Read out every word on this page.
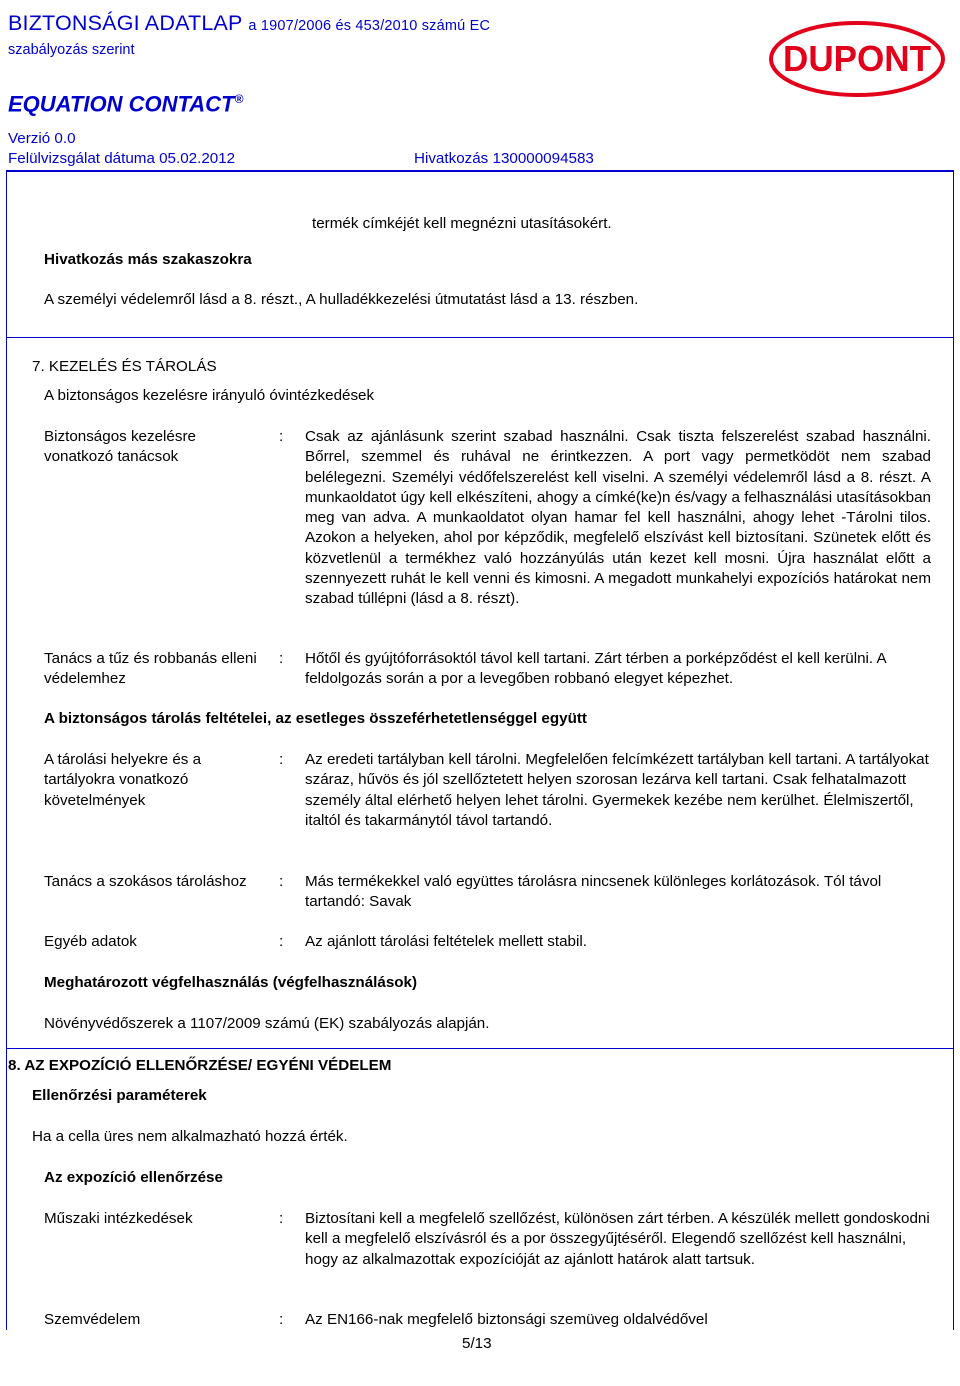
BIZTONSÁGI ADATLAP a 1907/2006 és 453/2010 számú EC
szabályozás szerint
EQUATION CONTACT®
Verzió 0.0
Felülvizsgálat dátuma 05.02.2012	Hivatkozás 130000094583
DUPONT
termék címkéjét kell megnézni utasításokért.
Hivatkozás más szakaszokra
A személyi védelemről lásd a 8. részt., A hulladékkezelési útmutatást lásd a 13. részben.
7. KEZELÉS ÉS TÁROLÁS
A biztonságos kezelésre irányuló óvintézkedések
Biztonságos kezelésre vonatkozó tanácsok
: Csak az ajánlásunk szerint szabad használni. Csak tiszta felszerelést szabad használni. Bőrrel, szemmel és ruhával ne érintkezzen. A port vagy permetködöt nem szabad belélegezni. Személyi védőfelszerelést kell viselni. A személyi védelemről lásd a 8. részt. A munkaoldatot úgy kell elkészíteni, ahogy a címké(ke)n és/vagy a felhasználási utasításokban meg van adva. A munkaoldatot olyan hamar fel kell használni, ahogy lehet -Tárolni tilos. Azokon a helyeken, ahol por képződik, megfelelő elszívást kell biztosítani. Szünetek előtt és közvetlenül a termékhez való hozzányúlás után kezet kell mosni. Újra használat előtt a szennyezett ruhát le kell venni és kimosni. A megadott munkahelyi expozíciós határokat nem szabad túllépni (lásd a 8. részt).
Tanács a tűz és robbanás elleni védelemhez
: Hőtől és gyújtóforrásoktól távol kell tartani. Zárt térben a porképződést el kell kerülni. A feldolgozás során a por a levegőben robbanó elegyet képezhet.
A biztonságos tárolás feltételei, az esetleges összeférhetetlenséggel együtt
A tárolási helyekre és a tartályokra vonatkozó követelmények
: Az eredeti tartályban kell tárolni. Megfelelően felcímkézett tartályban kell tartani. A tartályokat száraz, hűvös és jól szellőztetett helyen szorosan lezárva kell tartani. Csak felhatalmazott személy által elérhető helyen lehet tárolni. Gyermekek kezébe nem kerülhet. Élelmiszertől, italtól és takarmánytól távol tartandó.
Tanács a szokásos tároláshoz	: Más termékekkel való együttes tárolásra nincsenek különleges korlátozások. Tól távol tartandó: Savak
Egyéb adatok	: Az ajánlott tárolási feltételek mellett stabil.
Meghatározott végfelhasználás (végfelhasználások)
Növényvédőszerek a 1107/2009 számú (EK) szabályozás alapján.
8. AZ EXPOZÍCIÓ ELLENŐRZÉSE/ EGYÉNI VÉDELEM
Ellenőrzési paraméterek
Ha a cella üres nem alkalmazható hozzá érték.
Az expozíció ellenőrzése
Műszaki intézkedések	: Biztosítani kell a megfelelő szellőzést, különösen zárt térben. A készülék mellett gondoskodni kell a megfelelő elszívásról és a por összegyűjtéséről. Elegendő szellőzést kell használni, hogy az alkalmazottak expozícióját az ajánlott határok alatt tartsuk.
Szemvédelem	: Az EN166-nak megfelelő biztonsági szemüveg oldalvédővel
5/13
